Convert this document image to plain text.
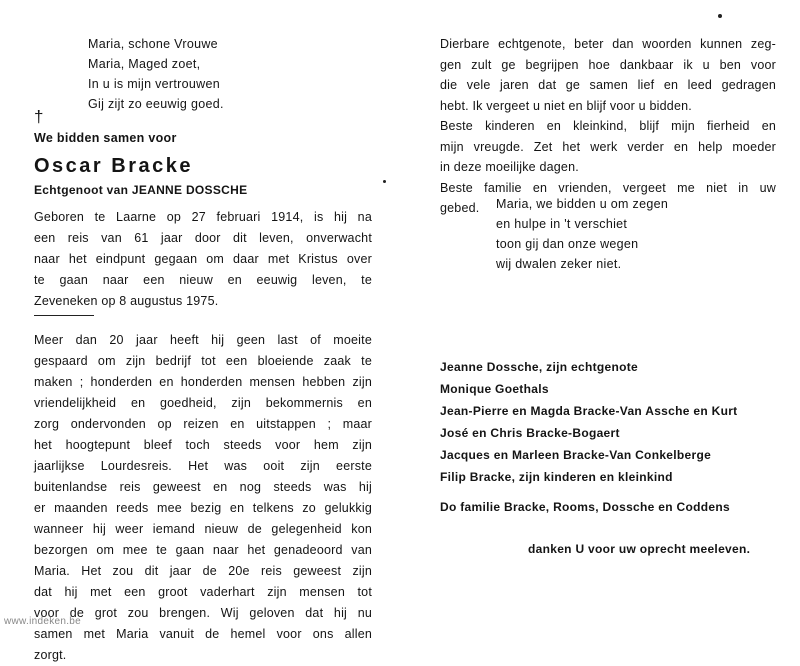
Maria, schone Vrouwe
Maria, Maged zoet,
In u is mijn vertrouwen
Gij zijt zo eeuwig goed.
†
We bidden samen voor
Oscar Bracke
Echtgenoot van JEANNE DOSSCHE
Geboren te Laarne op 27 februari 1914, is hij na
een reis van 61 jaar door dit leven, onverwacht
naar het eindpunt gegaan om daar met Kristus over
te gaan naar een nieuw en eeuwig leven, te
Zeveneken op 8 augustus 1975.
Meer dan 20 jaar heeft hij geen last of moeite
gespaard om zijn bedrijf tot een bloeiende zaak te
maken ; honderden en honderden mensen hebben zijn
vriendelijkheid en goedheid, zijn bekommernis en
zorg ondervonden op reizen en uitstappen ; maar
het hoogtepunt bleef toch steeds voor hem zijn
jaarlijkse Lourdesreis. Het was ooit zijn eerste
buitenlandse reis geweest en nog steeds was hij
er maanden reeds mee bezig en telkens zo gelukkig
wanneer hij weer iemand nieuw de gelegenheid kon
bezorgen om mee te gaan naar het genadeoord van
Maria. Het zou dit jaar de 20e reis geweest zijn
dat hij met een groot vaderhart zijn mensen tot
voor de grot zou brengen. Wij geloven dat hij nu
samen met Maria vanuit de hemel voor ons allen
zorgt.
www.indeken.be
Dierbare echtgenote, beter dan woorden kunnen zeg-
gen zult ge begrijpen hoe dankbaar ik u ben voor
die vele jaren dat ge samen lief en leed gedragen
hebt. Ik vergeet u niet en blijf voor u bidden.
Beste kinderen en kleinkind, blijf mijn fierheid en
mijn vreugde. Zet het werk verder en help moeder
in deze moeilijke dagen.
Beste familie en vrienden, vergeet me niet in uw
gebed.	Maria, we bidden u om zegen
en hulpe in 't verschiet
toon gij dan onze wegen
wij dwalen zeker niet.
Jeanne Dossche, zijn echtgenote
Monique Goethals
Jean-Pierre en Magda Bracke-Van Assche en Kurt
José en Chris Bracke-Bogaert
Jacques en Marleen Bracke-Van Conkelberge
Filip Bracke, zijn kinderen en kleinkind
Do familie Bracke, Rooms, Dossche en Coddens
danken U voor uw oprecht meeleven.
